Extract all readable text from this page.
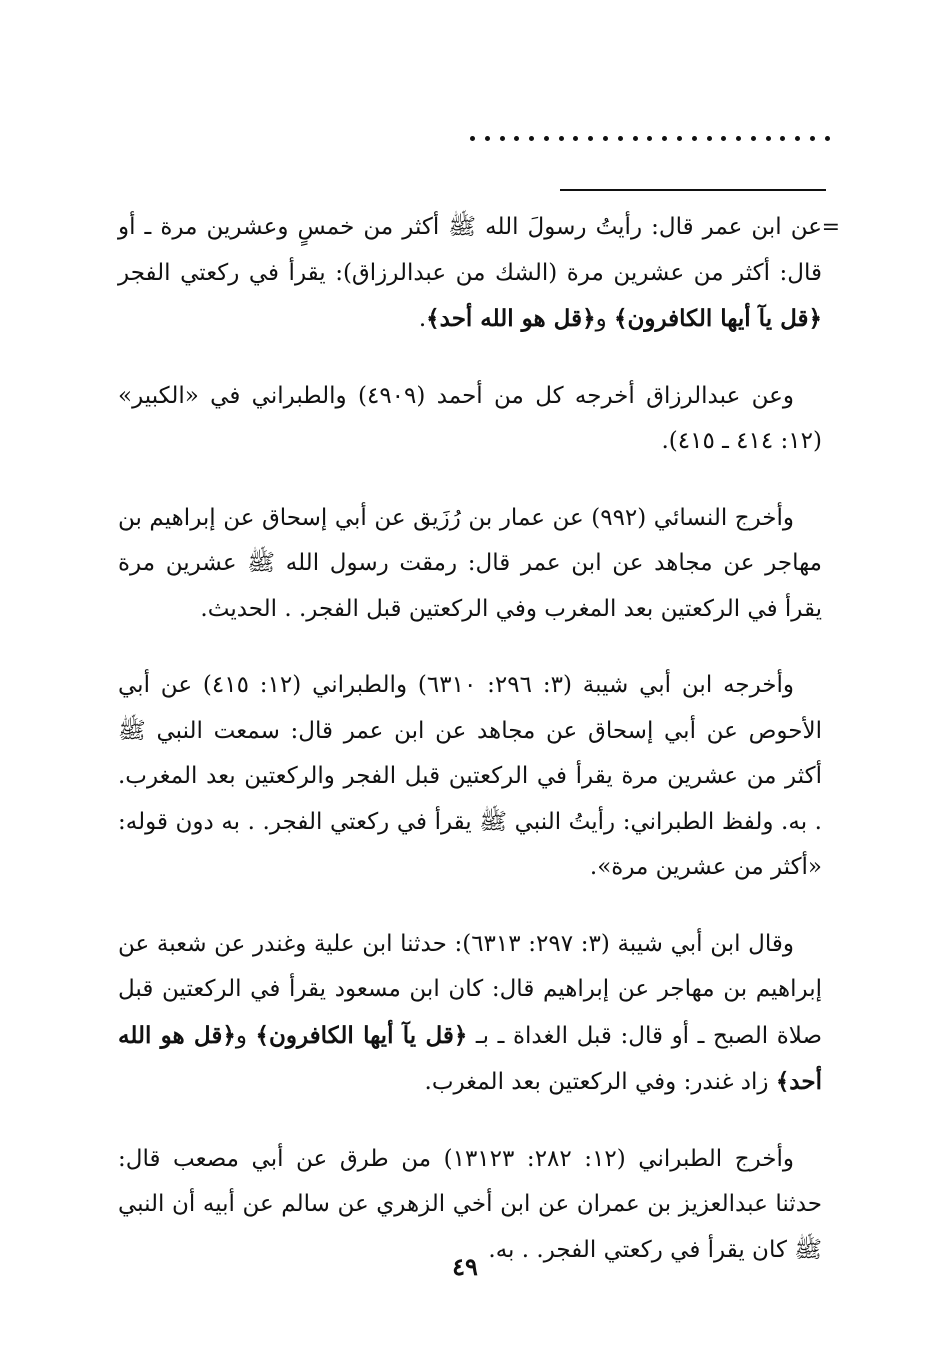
=
عن ابن عمر قال: رأيتُ رسولَ الله ﷺ أكثر من خمسٍ وعشرين مرة ـ أو قال: أكثر من عشرين مرة (الشك من عبدالرزاق): يقرأ في ركعتي الفجر ﴿قل يآ أيها الكافرون﴾ و﴿قل هو الله أحد﴾.

وعن عبدالرزاق أخرجه كل من أحمد (٤٩٠٩) والطبراني في «الكبير» (١٢: ٤١٤ ـ ٤١٥).

وأخرج النسائي (٩٩٢) عن عمار بن رُزَيق عن أبي إسحاق عن إبراهيم بن مهاجر عن مجاهد عن ابن عمر قال: رمقت رسول الله ﷺ عشرين مرة يقرأ في الركعتين بعد المغرب وفي الركعتين قبل الفجر. . الحديث.

وأخرجه ابن أبي شيبة (٣: ٢٩٦: ٦٣١٠) والطبراني (١٢: ٤١٥) عن أبي الأحوص عن أبي إسحاق عن مجاهد عن ابن عمر قال: سمعت النبي ﷺ أكثر من عشرين مرة يقرأ في الركعتين قبل الفجر والركعتين بعد المغرب. . به. ولفظ الطبراني: رأيتُ النبي ﷺ يقرأ في ركعتي الفجر. . به دون قوله: «أكثر من عشرين مرة».

وقال ابن أبي شيبة (٣: ٢٩٧: ٦٣١٣): حدثنا ابن علية وغندر عن شعبة عن إبراهيم بن مهاجر عن إبراهيم قال: كان ابن مسعود يقرأ في الركعتين قبل صلاة الصبح ـ أو قال: قبل الغداة ـ بـ ﴿قل يآ أيها الكافرون﴾ و﴿قل هو الله أحد﴾ زاد غندر: وفي الركعتين بعد المغرب.

وأخرج الطبراني (١٢: ٢٨٢: ١٣١٢٣) من طرق عن أبي مصعب قال: حدثنا عبدالعزيز بن عمران عن ابن أخي الزهري عن سالم عن أبيه أن النبي ﷺ كان يقرأ في ركعتي الفجر. . به.

٤٩
